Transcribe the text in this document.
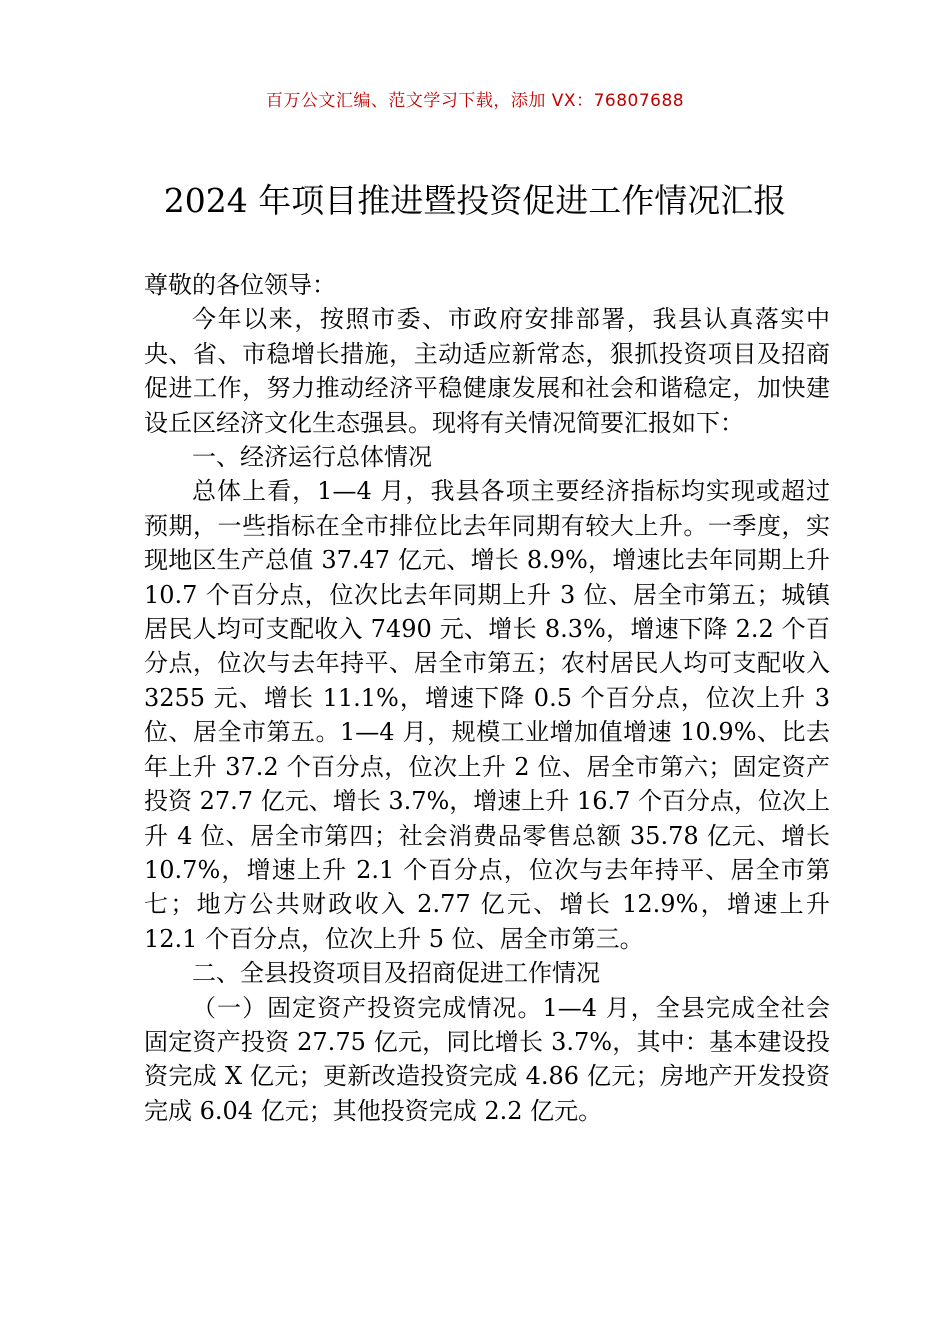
百万公文汇编、范文学习下载，添加 VX：76807688
2024 年项目推进暨投资促进工作情况汇报

尊敬的各位领导：

今年以来，按照市委、市政府安排部署，我县认真落实中央、省、市稳增长措施，主动适应新常态，狠抓投资项目及招商促进工作，努力推动经济平稳健康发展和社会和谐稳定，加快建设丘区经济文化生态强县。现将有关情况简要汇报如下：

一、经济运行总体情况

总体上看，1—4 月，我县各项主要经济指标均实现或超过预期，一些指标在全市排位比去年同期有较大上升。一季度，实现地区生产总值 37.47 亿元、增长 8.9%，增速比去年同期上升 10.7 个百分点，位次比去年同期上升 3 位、居全市第五；城镇居民人均可支配收入 7490 元、增长 8.3%，增速下降 2.2 个百分点，位次与去年持平、居全市第五；农村居民人均可支配收入 3255 元、增长 11.1%，增速下降 0.5 个百分点，位次上升 3 位、居全市第五。1—4 月，规模工业增加值增速 10.9%、比去年上升 37.2 个百分点，位次上升 2 位、居全市第六；固定资产投资 27.7 亿元、增长 3.7%，增速上升 16.7 个百分点，位次上升 4 位、居全市第四；社会消费品零售总额 35.78 亿元、增长 10.7%，增速上升 2.1 个百分点，位次与去年持平、居全市第七；地方公共财政收入 2.77 亿元、增长 12.9%，增速上升 12.1 个百分点，位次上升 5 位、居全市第三。

二、全县投资项目及招商促进工作情况

（一）固定资产投资完成情况。1—4 月，全县完成全社会固定资产投资 27.75 亿元，同比增长 3.7%，其中：基本建设投资完成 X 亿元；更新改造投资完成 4.86 亿元；房地产开发投资完成 6.04 亿元；其他投资完成 2.2 亿元。
